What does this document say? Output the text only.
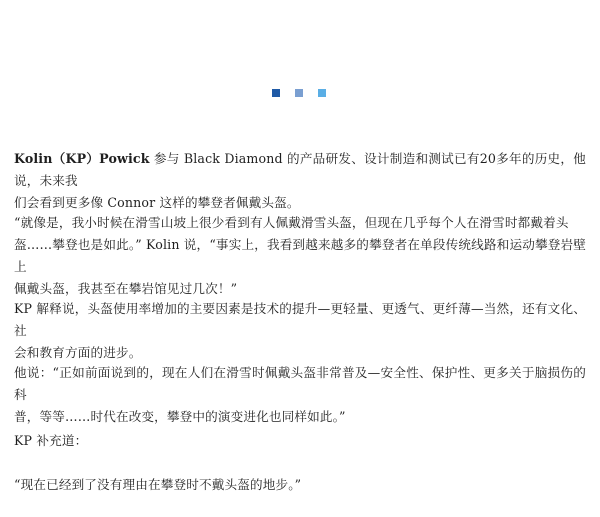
Kolin（KP）Powick 参与 Black Diamond 的产品研发、设计制造和测试已有20多年的历史，他说，未来我
们会看到更多像 Connor 这样的攀登者佩戴头盔。

“就像是，我小时候在滑雪山坡上很少看到有人佩戴滑雪头盔，但现在几乎每个人在滑雪时都戴着头
盔……攀登也是如此。” Kolin 说，“事实上，我看到越来越多的攀登者在单段传统线路和运动攀登岩壁上
佩戴头盔，我甚至在攀岩馆见过几次！”

KP 解释说，头盔使用率增加的主要因素是技术的提升—更轻量、更透气、更纤薄—当然，还有文化、社
会和教育方面的进步。

他说：“正如前面说到的，现在人们在滑雪时佩戴头盔非常普及—安全性、保护性、更多关于脑损伤的科
普，等等……时代在改变，攀登中的演变进化也同样如此。”

KP 补充道：

“现在已经到了没有理由在攀登时不戴头盔的地步。”
